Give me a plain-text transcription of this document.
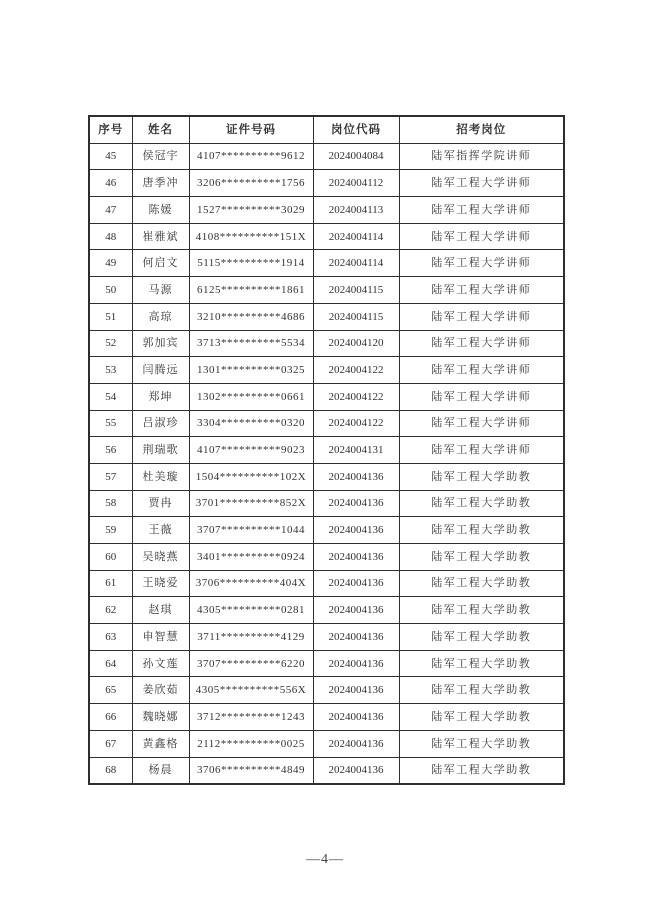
序号	姓名	证件号码	岗位代码	招考岗位
45	侯冠宇	4107**********9612	2024004084	陆军指挥学院讲师
46	唐季冲	3206**********1756	2024004112	陆军工程大学讲师
47	陈媛	1527**********3029	2024004113	陆军工程大学讲师
48	崔雅斌	4108**********151X	2024004114	陆军工程大学讲师
49	何启文	5115**********1914	2024004114	陆军工程大学讲师
50	马源	6125**********1861	2024004115	陆军工程大学讲师
51	高琼	3210**********4686	2024004115	陆军工程大学讲师
52	郭加宾	3713**********5534	2024004120	陆军工程大学讲师
53	闫腾远	1301**********0325	2024004122	陆军工程大学讲师
54	郑坤	1302**********0661	2024004122	陆军工程大学讲师
55	吕淑珍	3304**********0320	2024004122	陆军工程大学讲师
56	荆瑞歌	4107**********9023	2024004131	陆军工程大学讲师
57	杜美璇	1504**********102X	2024004136	陆军工程大学助教
58	贾冉	3701**********852X	2024004136	陆军工程大学助教
59	王薇	3707**********1044	2024004136	陆军工程大学助教
60	吴晓燕	3401**********0924	2024004136	陆军工程大学助教
61	王晓爱	3706**********404X	2024004136	陆军工程大学助教
62	赵琪	4305**********0281	2024004136	陆军工程大学助教
63	申智慧	3711**********4129	2024004136	陆军工程大学助教
64	孙文莲	3707**********6220	2024004136	陆军工程大学助教
65	姜欣茹	4305**********556X	2024004136	陆军工程大学助教
66	魏晓娜	3712**********1243	2024004136	陆军工程大学助教
67	黄鑫格	2112**********0025	2024004136	陆军工程大学助教
68	杨晨	3706**********4849	2024004136	陆军工程大学助教
—4—
